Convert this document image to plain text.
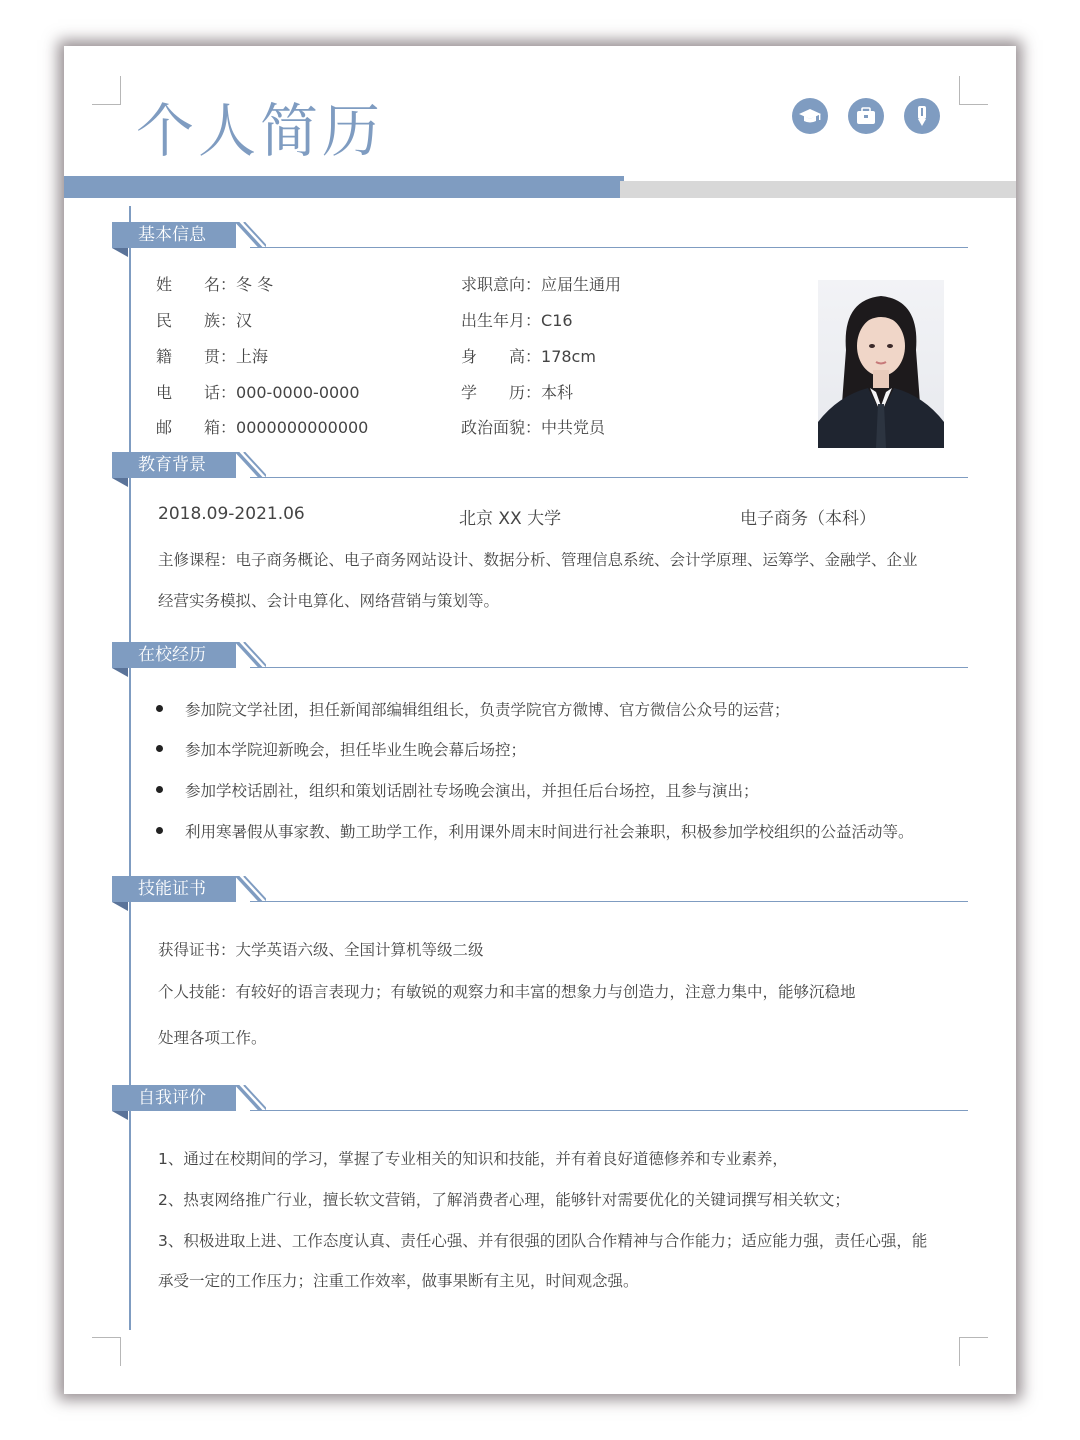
个人简历
基本信息
姓　　名：冬 冬
民　　族：汉
籍　　贯：上海
电　　话：000-0000-0000
邮　　箱：0000000000000
求职意向：应届生通用
出生年月：C16
身　　高：178cm
学　　历：本科
政治面貌：中共党员
教育背景
2018.09-2021.06	北京 XX 大学	电子商务（本科）
主修课程：电子商务概论、电子商务网站设计、数据分析、管理信息系统、会计学原理、运筹学、金融学、企业
经营实务模拟、会计电算化、网络营销与策划等。
在校经历
参加院文学社团，担任新闻部编辑组组长，负责学院官方微博、官方微信公众号的运营；
参加本学院迎新晚会，担任毕业生晚会幕后场控；
参加学校话剧社，组织和策划话剧社专场晚会演出，并担任后台场控，且参与演出；
利用寒暑假从事家教、勤工助学工作，利用课外周末时间进行社会兼职，积极参加学校组织的公益活动等。
技能证书
获得证书：大学英语六级、全国计算机等级二级
个人技能：有较好的语言表现力；有敏锐的观察力和丰富的想象力与创造力，注意力集中，能够沉稳地
处理各项工作。
自我评价
1、通过在校期间的学习，掌握了专业相关的知识和技能，并有着良好道德修养和专业素养，
2、热衷网络推广行业，擅长软文营销，了解消费者心理，能够针对需要优化的关键词撰写相关软文；
3、积极进取上进、工作态度认真、责任心强、并有很强的团队合作精神与合作能力；适应能力强，责任心强，能
承受一定的工作压力；注重工作效率，做事果断有主见，时间观念强。
